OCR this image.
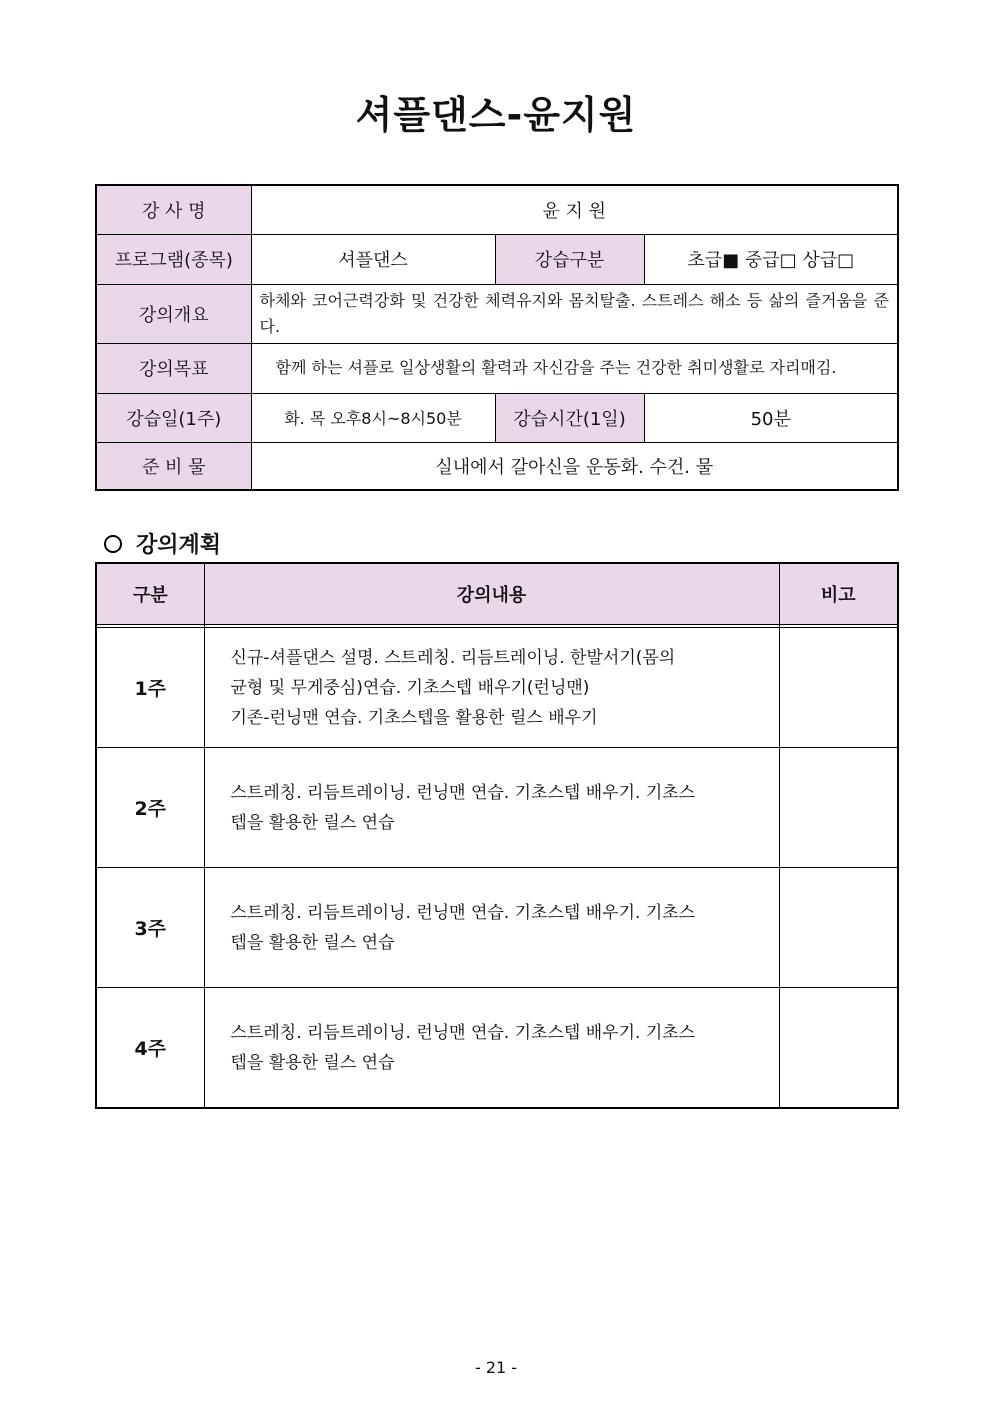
셔플댄스-윤지원
강 사 명	윤 지 원		
프로그램(종목)	셔플댄스	강습구분	초급■ 중급□ 상급□
강의개요	하체와 코어근력강화 및 건강한 체력유지와 몸치탈출. 스트레스 해소 등 삶의 즐거움을 준다.		
강의목표	함께 하는 셔플로 일상생활의 활력과 자신감을 주는 건강한 취미생활로 자리매김.		
강습일(1주)	화. 목 오후8시~8시50분	강습시간(1일)	50분
준 비 물	실내에서 갈아신을 운동화. 수건. 물		
강의계획
구분	강의내용	비고

1주	신규-셔플댄스 설명. 스트레칭. 리듬트레이닝. 한발서기(몸의
균형 및 무게중심)연습. 기초스텝 배우기(런닝맨)
기존-런닝맨 연습. 기초스텝을 활용한 릴스 배우기	

2주	스트레칭. 리듬트레이닝. 런닝맨 연습. 기초스텝 배우기. 기초스
텝을 활용한 릴스 연습	

3주	스트레칭. 리듬트레이닝. 런닝맨 연습. 기초스텝 배우기. 기초스
텝을 활용한 릴스 연습	

4주	스트레칭. 리듬트레이닝. 런닝맨 연습. 기초스텝 배우기. 기초스
텝을 활용한 릴스 연습	

- 21 -
